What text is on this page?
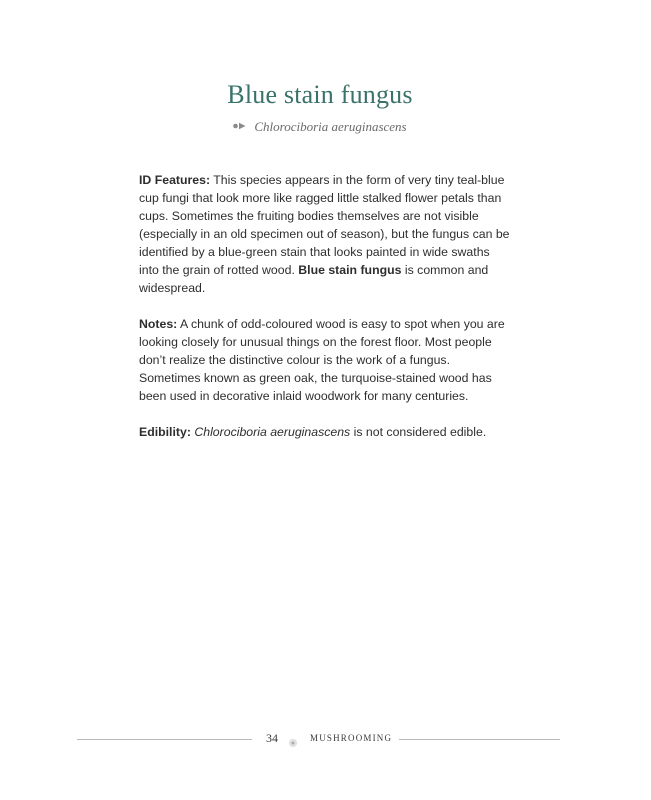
Blue stain fungus
Chlorociboria aeruginascens

ID Features: This species appears in the form of very tiny teal-blue cup fungi that look more like ragged little stalked flower petals than cups. Sometimes the fruiting bodies themselves are not visible (especially in an old specimen out of season), but the fungus can be identified by a blue-green stain that looks painted in wide swaths into the grain of rotted wood. Blue stain fungus is common and widespread.

Notes: A chunk of odd-coloured wood is easy to spot when you are looking closely for unusual things on the forest floor. Most people don’t realize the distinctive colour is the work of a fungus. Sometimes known as green oak, the turquoise-stained wood has been used in decorative inlaid woodwork for many centuries.

Edibility: Chlorociboria aeruginascens is not considered edible.

34	MUSHROOMING
